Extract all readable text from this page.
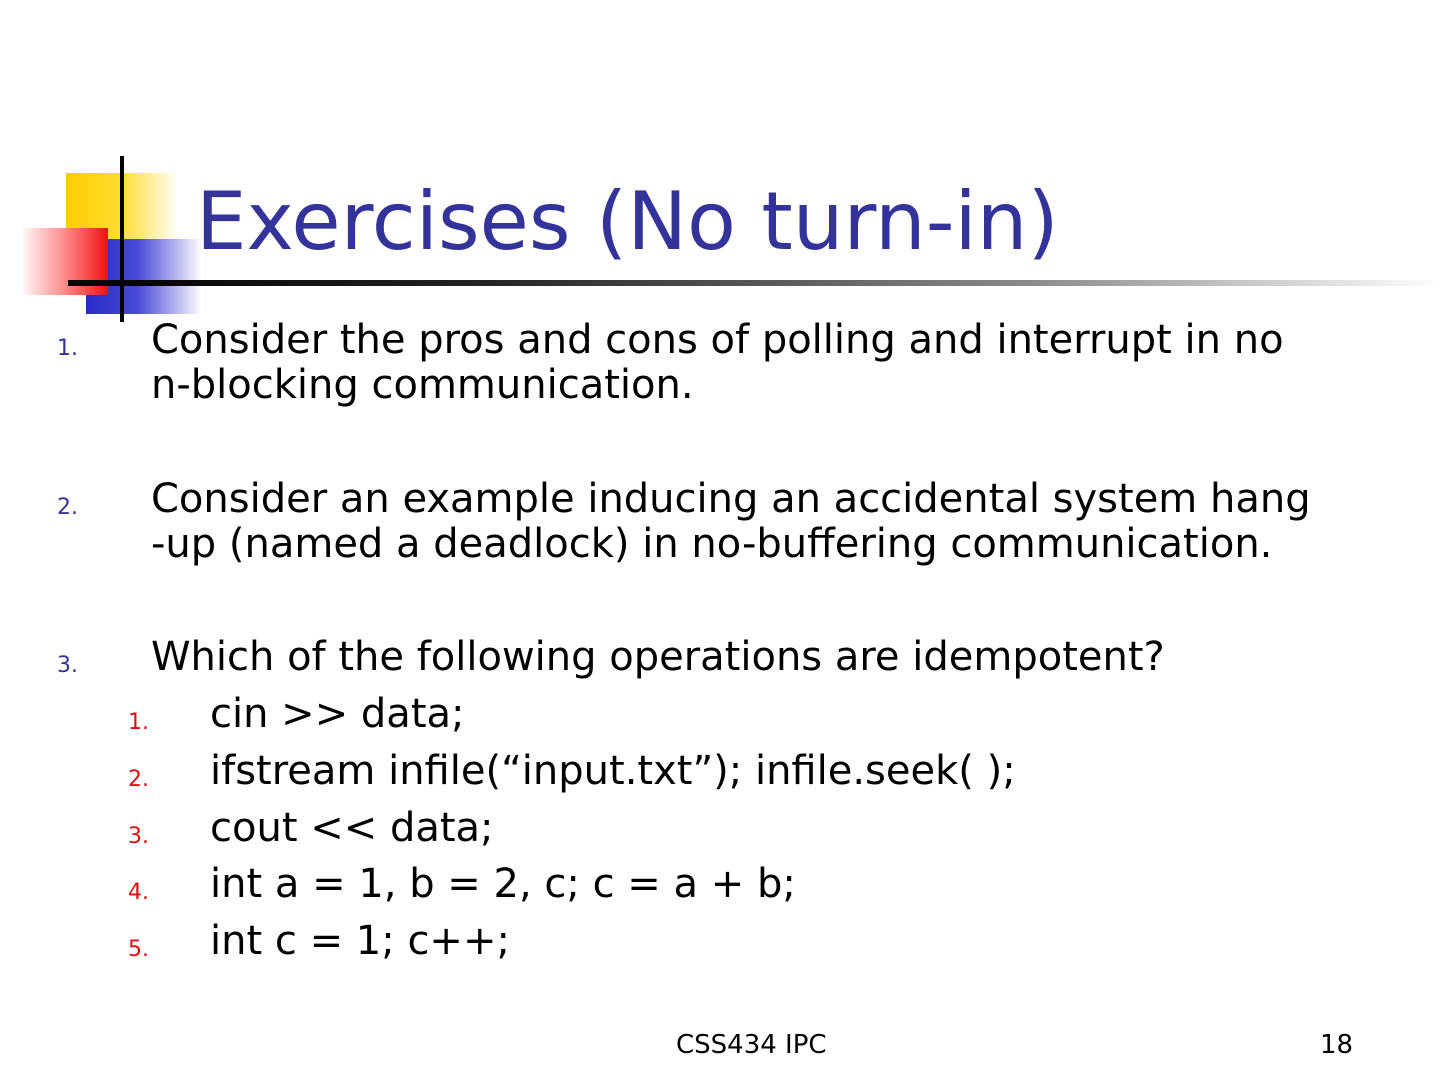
Exercises (No turn-in)
1. Consider the pros and cons of polling and interrupt in no
n-blocking communication.
2. Consider an example inducing an accidental system hang
-up (named a deadlock) in no-buffering communication.
3. Which of the following operations are idempotent?
1. cin >> data;
2. ifstream infile(“input.txt”); infile.seek( );
3. cout << data;
4. int a = 1, b = 2, c; c = a + b;
5. int c = 1; c++;
CSS434 IPC	18
